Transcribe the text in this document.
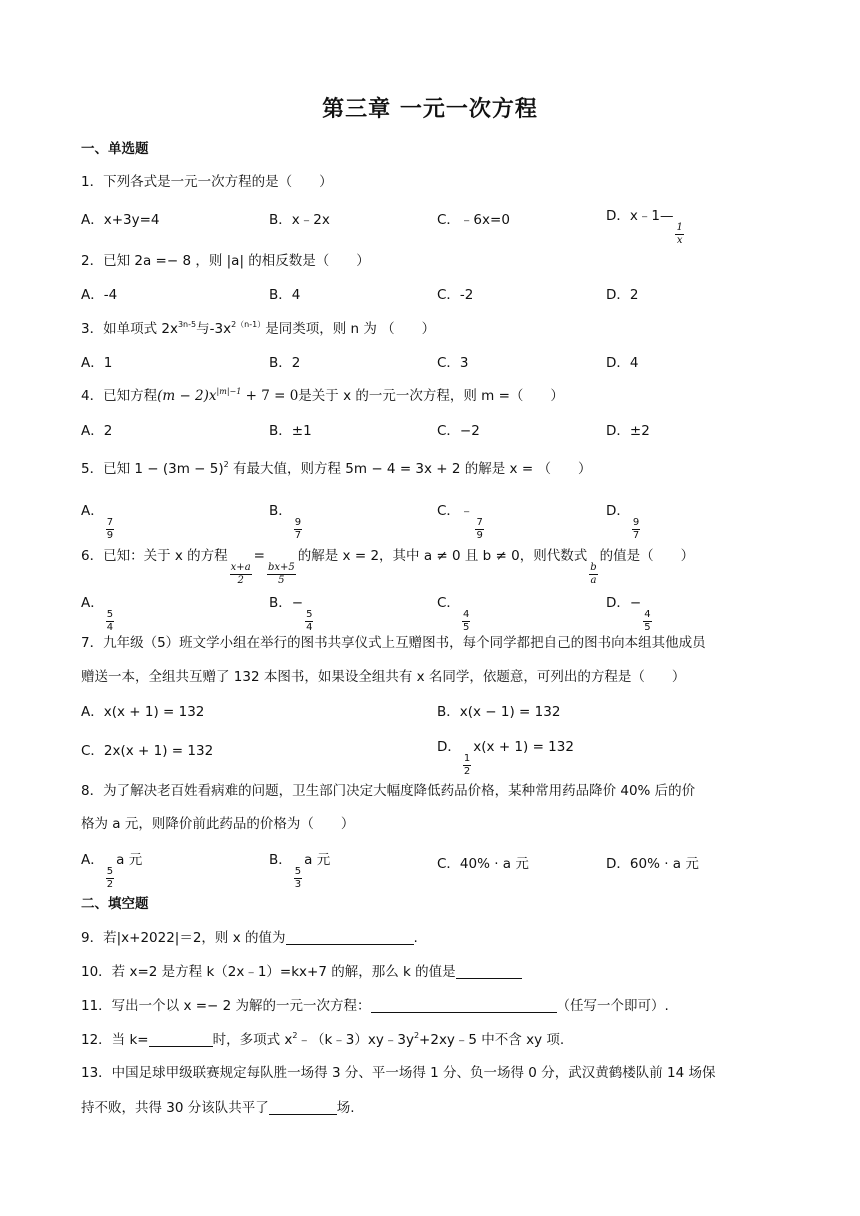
第三章 一元一次方程
一、单选题
1．下列各式是一元一次方程的是（　　）
A．x+3y=4	B．x﹣2x	C．﹣6x=0	D．x﹣1—
$\frac{1}{x}$
2．已知 2a =− 8 ，则 |a| 的相反数是（　　）
A．-4	B．4	C．-2	D．2
3．如单项式 $2x^{3n-5}$与$-3x^{2(n-1)}$是同类项，则 n 为 （　　）
A．1	B．2	C．3	D．4
4．已知方程$(m - 2)x^{|m|-1} + 7 = 0$是关于 x 的一元一次方程，则 m =（　　）
A．2	B．±1	C．−2	D．±2
5．已知 $1 - (3m - 5)^2$ 有最大值，则方程 5m − 4 = 3x + 2 的解是 x = （　　）
A．
$\frac{7}{9}$
B．
$\frac{9}{7}$
C．﹣
$\frac{7}{9}$
D．
$\frac{9}{7}$
6．已知：关于 x 的方程
$\frac{x+a}{2}$
=
$\frac{bx+5}{5}$
的解是 x = 2，其中 a ≠ 0 且 b ≠ 0，则代数式
$\frac{b}{a}$
的值是（　　）
A．
$\frac{5}{4}$
B．−
$\frac{5}{4}$
C．
$\frac{4}{5}$
D．−
$\frac{4}{5}$
7．九年级（5）班文学小组在举行的图书共享仪式上互赠图书，每个同学都把自己的图书向本组其他成员
赠送一本，全组共互赠了 132 本图书，如果设全组共有 x 名同学，依题意，可列出的方程是（　　）
A．x(x + 1) = 132	B．x(x − 1) = 132
C．2x(x + 1) = 132	D．
$\frac{1}{2}$
x(x + 1) = 132
8．为了解决老百姓看病难的问题，卫生部门决定大幅度降低药品价格，某种常用药品降价 40% 后的价
格为 a 元，则降价前此药品的价格为（　　）
A．
$\frac{5}{2}$
a 元	B．
$\frac{5}{3}$
a 元	C．40% · a 元	D．60% · a 元
二、填空题
9．若|x+2022|＝2，则 x 的值为	.
10．若 x=2 是方程 k（2x﹣1）=kx+7 的解，那么 k 的值是
11．写出一个以 x =− 2 为解的一元一次方程：	（任写一个即可）.
12．当 k=	时，多项式 $x^2﹣(k﹣3)xy﹣3y^2+2xy﹣5$ 中不含 xy 项.
13．中国足球甲级联赛规定每队胜一场得 3 分、平一场得 1 分、负一场得 0 分，武汉黄鹤楼队前 14 场保
持不败，共得 30 分该队共平了	场.
